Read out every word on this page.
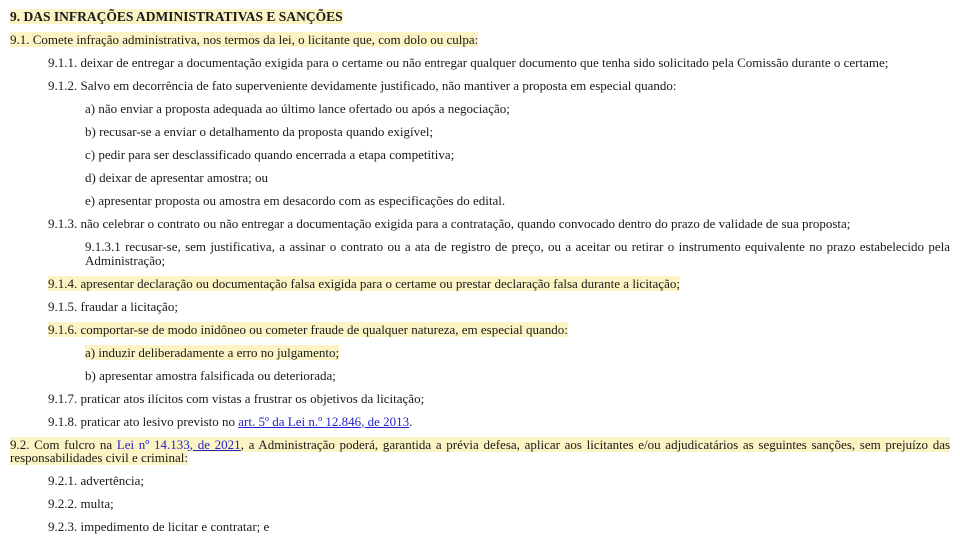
9. DAS INFRAÇÕES ADMINISTRATIVAS E SANÇÕES

9.1. Comete infração administrativa, nos termos da lei, o licitante que, com dolo ou culpa:

9.1.1. deixar de entregar a documentação exigida para o certame ou não entregar qualquer documento que tenha sido solicitado pela Comissão durante o certame;

9.1.2. Salvo em decorrência de fato superveniente devidamente justificado, não mantiver a proposta em especial quando:

a) não enviar a proposta adequada ao último lance ofertado ou após a negociação;

b) recusar-se a enviar o detalhamento da proposta quando exigível;

c) pedir para ser desclassificado quando encerrada a etapa competitiva;

d) deixar de apresentar amostra; ou

e) apresentar proposta ou amostra em desacordo com as especificações do edital.

9.1.3. não celebrar o contrato ou não entregar a documentação exigida para a contratação, quando convocado dentro do prazo de validade de sua proposta;

9.1.3.1 recusar-se, sem justificativa, a assinar o contrato ou a ata de registro de preço, ou a aceitar ou retirar o instrumento equivalente no prazo estabelecido pela Administração;

9.1.4. apresentar declaração ou documentação falsa exigida para o certame ou prestar declaração falsa durante a licitação;

9.1.5. fraudar a licitação;

9.1.6. comportar-se de modo inidôneo ou cometer fraude de qualquer natureza, em especial quando:

a) induzir deliberadamente a erro no julgamento;

b) apresentar amostra falsificada ou deteriorada;

9.1.7. praticar atos ilícitos com vistas a frustrar os objetivos da licitação;

9.1.8. praticar ato lesivo previsto no art. 5º da Lei n.º 12.846, de 2013.

9.2. Com fulcro na Lei nº 14.133, de 2021, a Administração poderá, garantida a prévia defesa, aplicar aos licitantes e/ou adjudicatários as seguintes sanções, sem prejuízo das responsabilidades civil e criminal:

9.2.1. advertência;

9.2.2. multa;

9.2.3. impedimento de licitar e contratar; e
